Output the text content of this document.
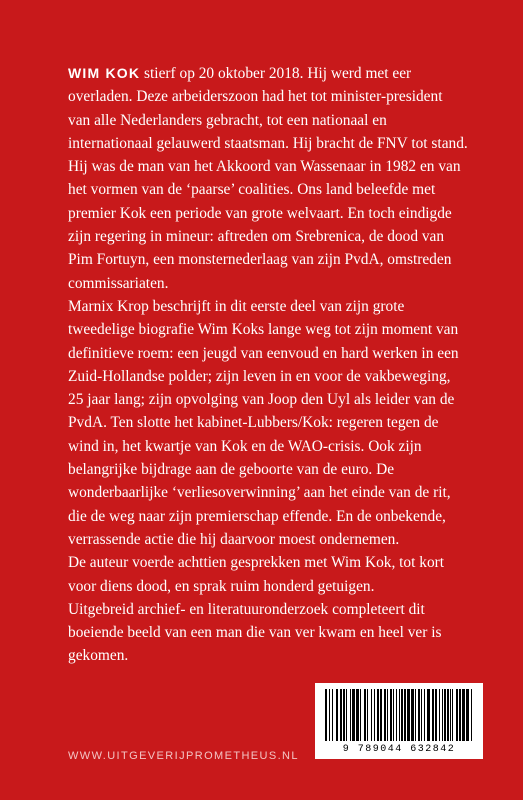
WIM KOK stierf op 20 oktober 2018. Hij werd met eer overladen. Deze arbeiderszoon had het tot minister-president van alle Nederlanders gebracht, tot een nationaal en internationaal gelauwerd staatsman. Hij bracht de FNV tot stand. Hij was de man van het Akkoord van Wassenaar in 1982 en van het vormen van de ‘paarse’ coalities. Ons land beleefde met premier Kok een periode van grote welvaart. En toch eindigde zijn regering in mineur: aftreden om Srebrenica, de dood van Pim Fortuyn, een monsternederlaag van zijn PvdA, omstreden commissariaten.

Marnix Krop beschrijft in dit eerste deel van zijn grote tweedelige biografie Wim Koks lange weg tot zijn moment van definitieve roem: een jeugd van eenvoud en hard werken in een Zuid-Hollandse polder; zijn leven in en voor de vakbeweging, 25 jaar lang; zijn opvolging van Joop den Uyl als leider van de PvdA. Ten slotte het kabinet-Lubbers/Kok: regeren tegen de wind in, het kwartje van Kok en de WAO-crisis. Ook zijn belangrijke bijdrage aan de geboorte van de euro. De wonderbaarlijke ‘verliesoverwinning’ aan het einde van de rit, die de weg naar zijn premierschap effende. En de onbekende, verrassende actie die hij daarvoor moest ondernemen.

De auteur voerde achttien gesprekken met Wim Kok, tot kort voor diens dood, en sprak ruim honderd getuigen.

Uitgebreid archief- en literatuuronderzoek completeert dit boeiende beeld van een man die van ver kwam en heel ver is gekomen.

9 789044 632842
WWW.UITGEVERIJPROMETHEUS.NL
